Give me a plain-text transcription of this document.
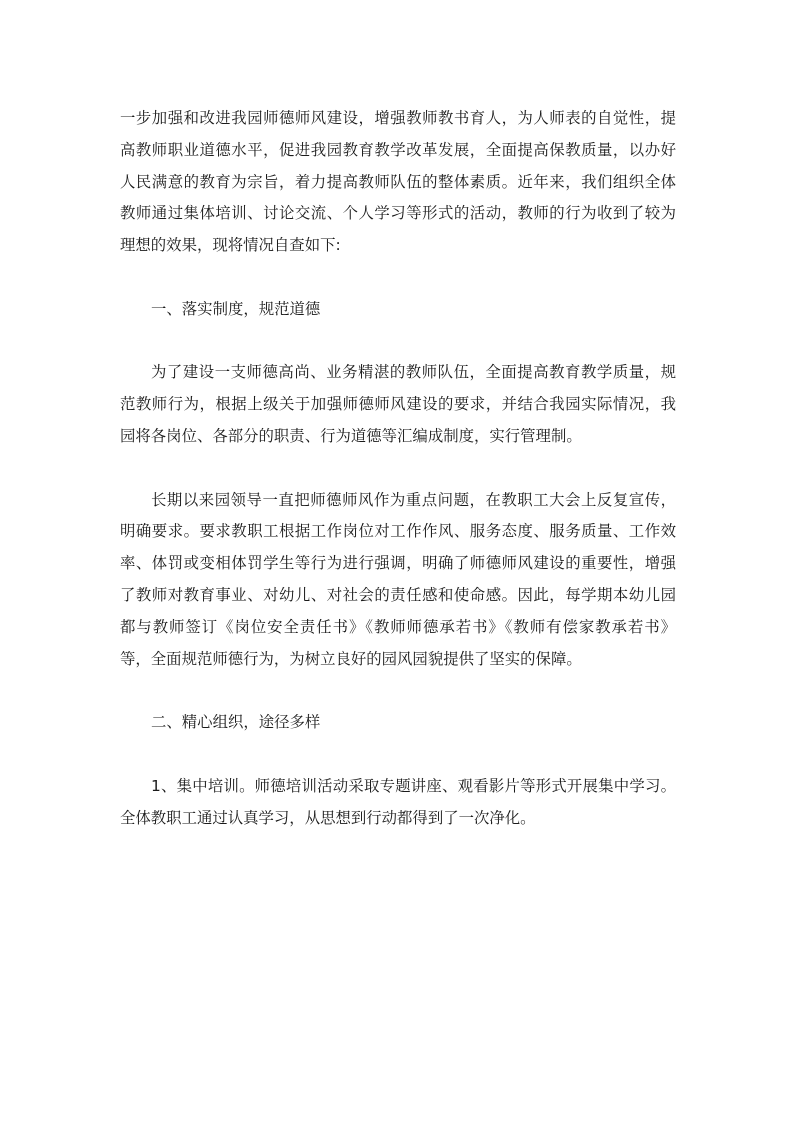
一步加强和改进我园师德师风建设，增强教师教书育人，为人师表的自觉性，提
高教师职业道德水平，促进我园教育教学改革发展，全面提高保教质量，以办好
人民满意的教育为宗旨，着力提高教师队伍的整体素质。近年来，我们组织全体
教师通过集体培训、讨论交流、个人学习等形式的活动，教师的行为收到了较为
理想的效果，现将情况自查如下:
一、落实制度，规范道德
为了建设一支师德高尚、业务精湛的教师队伍，全面提高教育教学质量，规
范教师行为，根据上级关于加强师德师风建设的要求，并结合我园实际情况，我
园将各岗位、各部分的职责、行为道德等汇编成制度，实行管理制。
长期以来园领导一直把师德师风作为重点问题，在教职工大会上反复宣传，
明确要求。要求教职工根据工作岗位对工作作风、服务态度、服务质量、工作效
率、体罚或变相体罚学生等行为进行强调，明确了师德师风建设的重要性，增强
了教师对教育事业、对幼儿、对社会的责任感和使命感。因此，每学期本幼儿园
都与教师签订《岗位安全责任书》《教师师德承若书》《教师有偿家教承若书》
等，全面规范师德行为，为树立良好的园风园貌提供了坚实的保障。
二、精心组织，途径多样
1、集中培训。师德培训活动采取专题讲座、观看影片等形式开展集中学习。
全体教职工通过认真学习，从思想到行动都得到了一次净化。
